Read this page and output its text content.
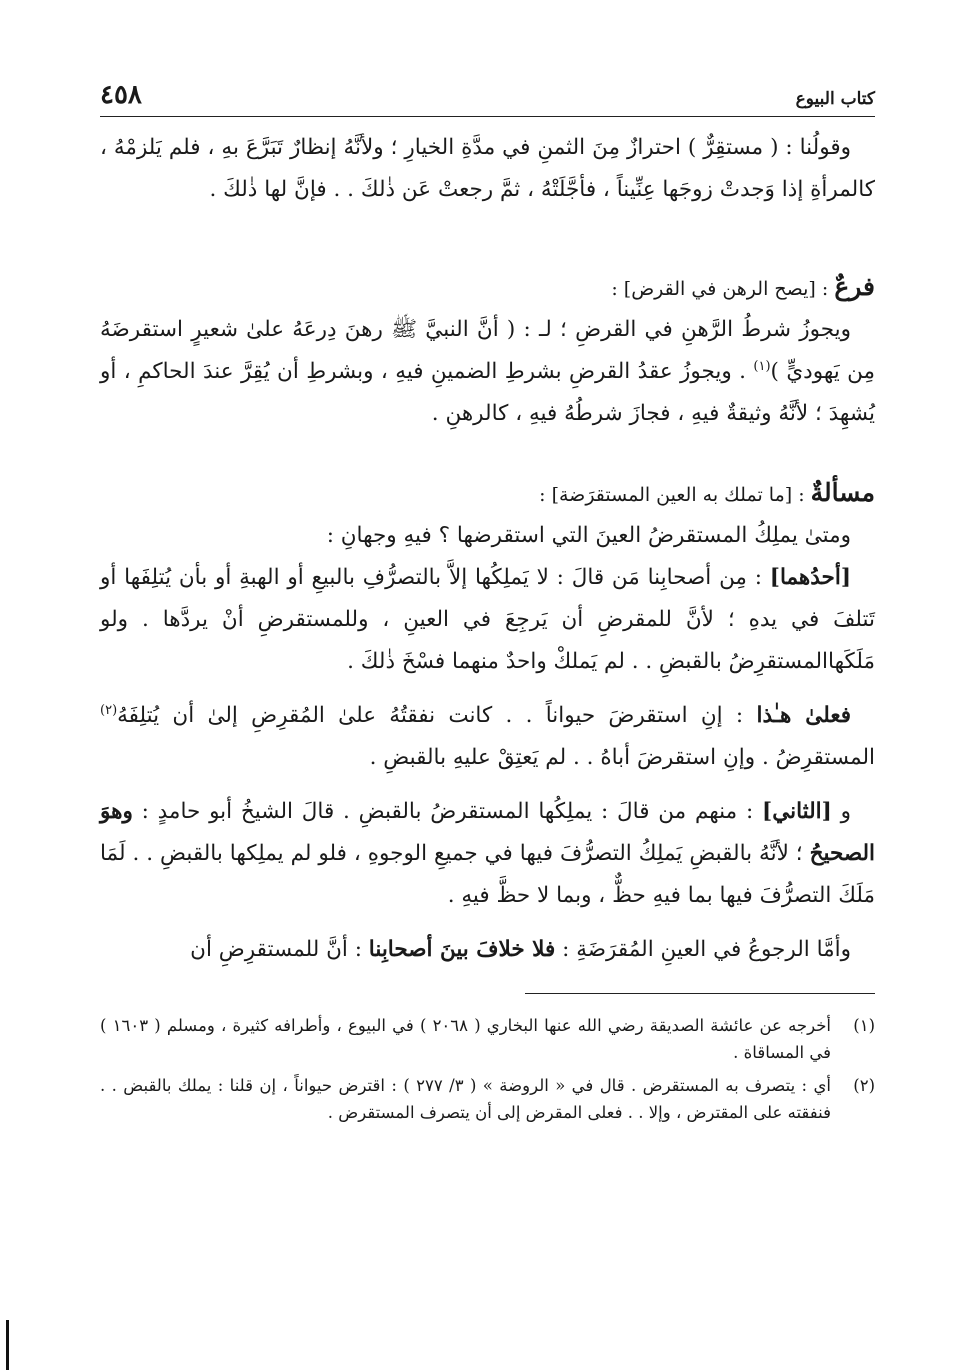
كتاب البيوع
٤٥٨

وقولُنا : ( مستقِرٌّ ) احترازٌ مِنَ الثمنِ في مدَّةِ الخيارِ ؛ ولأنَّهُ إنظارٌ تَبَرَّعَ بهِ ، فلم يَلزمْهُ ، كالمرأةِ إذا وَجدتْ زوجَها عِنِّيناً ، فأجَّلَتْهُ ، ثمَّ رجعتْ عَن ذٰلكَ . . فإنَّ لها ذٰلكَ .

فرعٌ : [يصح الرهن في القرض] :

ويجوزُ شرطُ الرَّهنِ في القرضِ ؛ لـ : ( أنَّ النبيَّ ﷺ رهنَ دِرعَهُ علىٰ شعيرٍ استقرضَهُ مِن يَهوديٍّ )$^{(١)}$ . ويجوزُ عقدُ القرضِ بشرطِ الضمينِ فيهِ ، وبشرطِ أن يُقِرَّ عندَ الحاكمِ ، أو يُشهِدَ ؛ لأنَّهُ وثيقةٌ فيهِ ، فجازَ شرطُهُ فيهِ ، كالرهنِ .

مسألةٌ : [ما تملك به العين المستقرَضة] :

ومتىٰ يملِكُ المستقرضُ العينَ التي استقرضها ؟ فيهِ وجهانِ :

[أحدُهما] : مِن أصحابِنا مَن قالَ : لا يَملِكُها إلاَّ بالتصرُّفِ بالبيعِ أو الهبةِ أو بأن يُتلِفَها أو تَتلفَ في يدهِ ؛ لأنَّ للمقرضِ أن يَرجِعَ في العينِ ، وللمستقرضِ أنْ يردَّها . ولو مَلَكَهاالمستقرِضُ بالقبضِ . . لم يَملكْ واحدٌ منهما فسْخَ ذٰلكَ .

فعلىٰ هـٰذا : إنِ استقرضَ حيواناً . . كانت نفقتُهُ علىٰ المُقرِضِ إلىٰ أن يُتلِفَهُ$^{(٢)}$ المستقرِضُ . وإنِ استقرضَ أباهُ . . لم يَعتِقْ عليهِ بالقبضِ .

و [الثاني] : منهم من قالَ : يملِكُها المستقرضُ بالقبضِ . قالَ الشيخُ أبو حامدٍ : وهوَ الصحيحُ ؛ لأنَّهُ بالقبضِ يَملِكُ التصرُّفَ فيها في جميعِ الوجوهِ ، فلو لم يملِكها بالقبضِ . . لَمَا مَلَكَ التصرُّفَ فيها بما فيهِ حظٌّ ، وبما لا حظَّ فيهِ .

وأمَّا الرجوعُ في العينِ المُقرَضَةِ : فلا خلافَ بينَ أصحابِنا : أنَّ للمستقرِضِ أن

(١)
أخرجه عن عائشة الصديقة رضي الله عنها البخاري ( ٢٠٦٨ ) في البيوع ، وأطرافه كثيرة ، ومسلم ( ١٦٠٣ ) في المساقاة .
(٢)
أي : يتصرف به المستقرض . قال في « الروضة » ( ٣/ ٢٧٧ ) : اقترض حيواناً ، إن قلنا : يملك بالقبض . . فنفقته على المقترض ، وإلا . . فعلى المقرض إلى أن يتصرف المستقرض .
